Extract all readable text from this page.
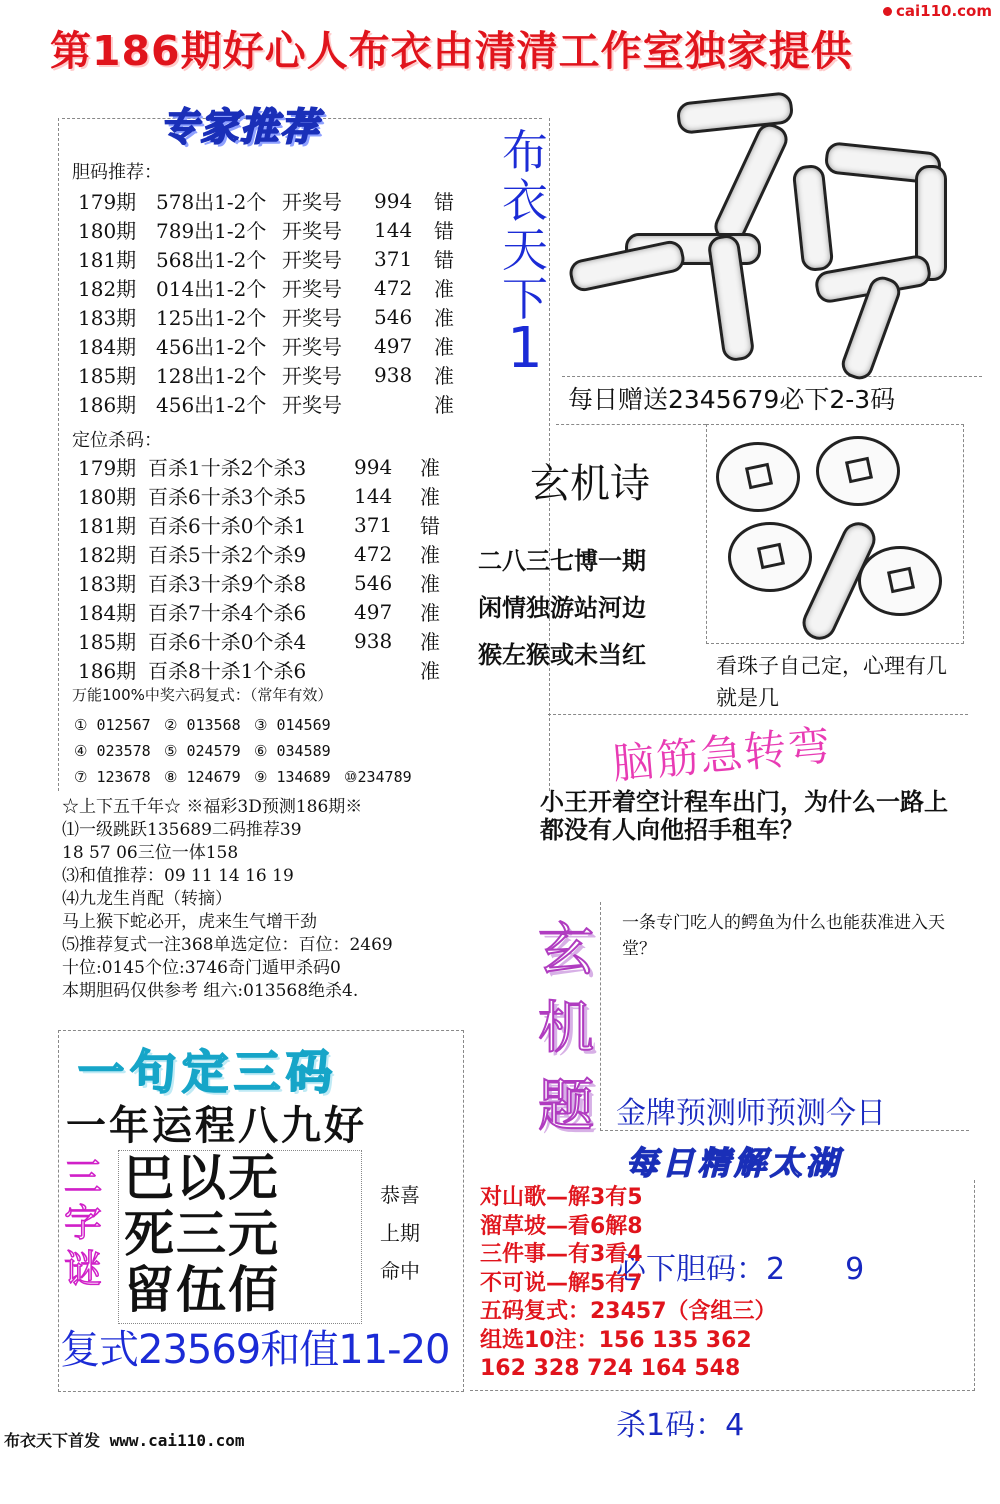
cai110.com
第186期好心人布衣由清清工作室独家提供
专家推荐
胆码推荐：
179期	578出1-2个	开奖号	994	错
180期	789出1-2个	开奖号	144	错
181期	568出1-2个	开奖号	371	错
182期	014出1-2个	开奖号	472	准
183期	125出1-2个	开奖号	546	准
184期	456出1-2个	开奖号	497	准
185期	128出1-2个	开奖号	938	准
186期	456出1-2个	开奖号		准
定位杀码：
179期	百杀1十杀2个杀3	994	准
180期	百杀6十杀3个杀5	144	准
181期	百杀6十杀0个杀1	371	错
182期	百杀5十杀2个杀9	472	准
183期	百杀3十杀9个杀8	546	准
184期	百杀7十杀4个杀6	497	准
185期	百杀6十杀0个杀4	938	准
186期	百杀8十杀1个杀6		准
万能100%中奖六码复式：（常年有效）
① 012567 ② 013568 ③ 014569
④ 023578 ⑤ 024579 ⑥ 034589
⑦ 123678 ⑧ 124679 ⑨ 134689 ⑩234789
☆上下五千年☆ ※福彩3D预测186期※
⑴一级跳跃135689二码推荐39
18 57 06三位一体158
⑶和值推荐：09 11 14 16 19
⑷九龙生肖配（转摘）
马上猴下蛇必开，虎来生气增干劲
⑸推荐复式一注368单选定位：百位：2469
十位:0145个位:3746奇门遁甲杀码0
本期胆码仅供参考 组六:013568绝杀4.
一句定三码
一年运程八九好
三
字
谜
巴以无
死三元
留伍佰
恭喜
上期
命中
复式23569和值11-20
布
衣
天
下
1
每日赠送2345679必下2-3码
玄机诗
二八三七博一期
闲情独游站河边
猴左猴或未当红	看珠子自己定，心理有几就是几
脑筋急转弯
小王开着空计程车出门，为什么一路上都没有人向他招手租车？
玄
机
题
一条专门吃人的鳄鱼为什么也能获准进入天堂？

金牌预测师预测今日

必下胆码：2　　9

杀1码：4

每日精解太湖
对山歌—解3有5
溜草坡—看6解8
三件事—有3看4
不可说—解5有7
五码复式：23457（含组三）
组选10注：156 135 362
162 328 724 164 548
布衣天下首发 www.cai110.com
